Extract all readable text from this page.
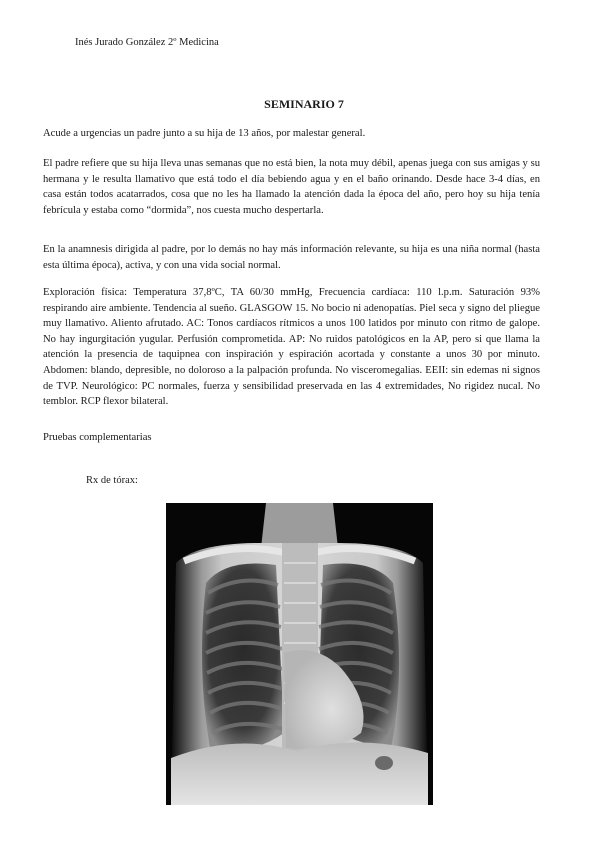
Inés Jurado González 2º Medicina
SEMINARIO 7

Acude a urgencias un padre junto a su hija de 13 años, por malestar general.

El padre refiere que su hija lleva unas semanas que no está bien, la nota muy débil, apenas juega con sus amigas y su hermana y le resulta llamativo que está todo el día bebiendo agua y en el baño orinando. Desde hace 3-4 días, en casa están todos acatarrados, cosa que no les ha llamado la atención dada la época del año, pero hoy su hija tenía febrícula y estaba como “dormida”, nos cuesta mucho despertarla.

En la anamnesis dirigida al padre, por lo demás no hay más información relevante, su hija es una niña normal (hasta esta última época), activa, y con una vida social normal.

Exploración física: Temperatura 37,8ºC, TA 60/30 mmHg, Frecuencia cardíaca: 110 l.p.m. Saturación 93% respirando aire ambiente. Tendencia al sueño. GLASGOW 15. No bocio ni adenopatías. Piel seca y signo del pliegue muy llamativo. Aliento afrutado. AC: Tonos cardíacos rítmicos a unos 100 latidos por minuto con ritmo de galope. No hay ingurgitación yugular. Perfusión comprometida. AP: No ruidos patológicos en la AP, pero si que llama la atención la presencia de taquipnea con inspiración y espiración acortada y constante a unos 30 por minuto. Abdomen: blando, depresible, no doloroso a la palpación profunda. No visceromegalias. EEII: sin edemas ni signos de TVP. Neurológico: PC normales, fuerza y sensibilidad preservada en las 4 extremidades, No rigidez nucal. No temblor. RCP flexor bilateral.

Pruebas complementarias

Rx de tórax:
